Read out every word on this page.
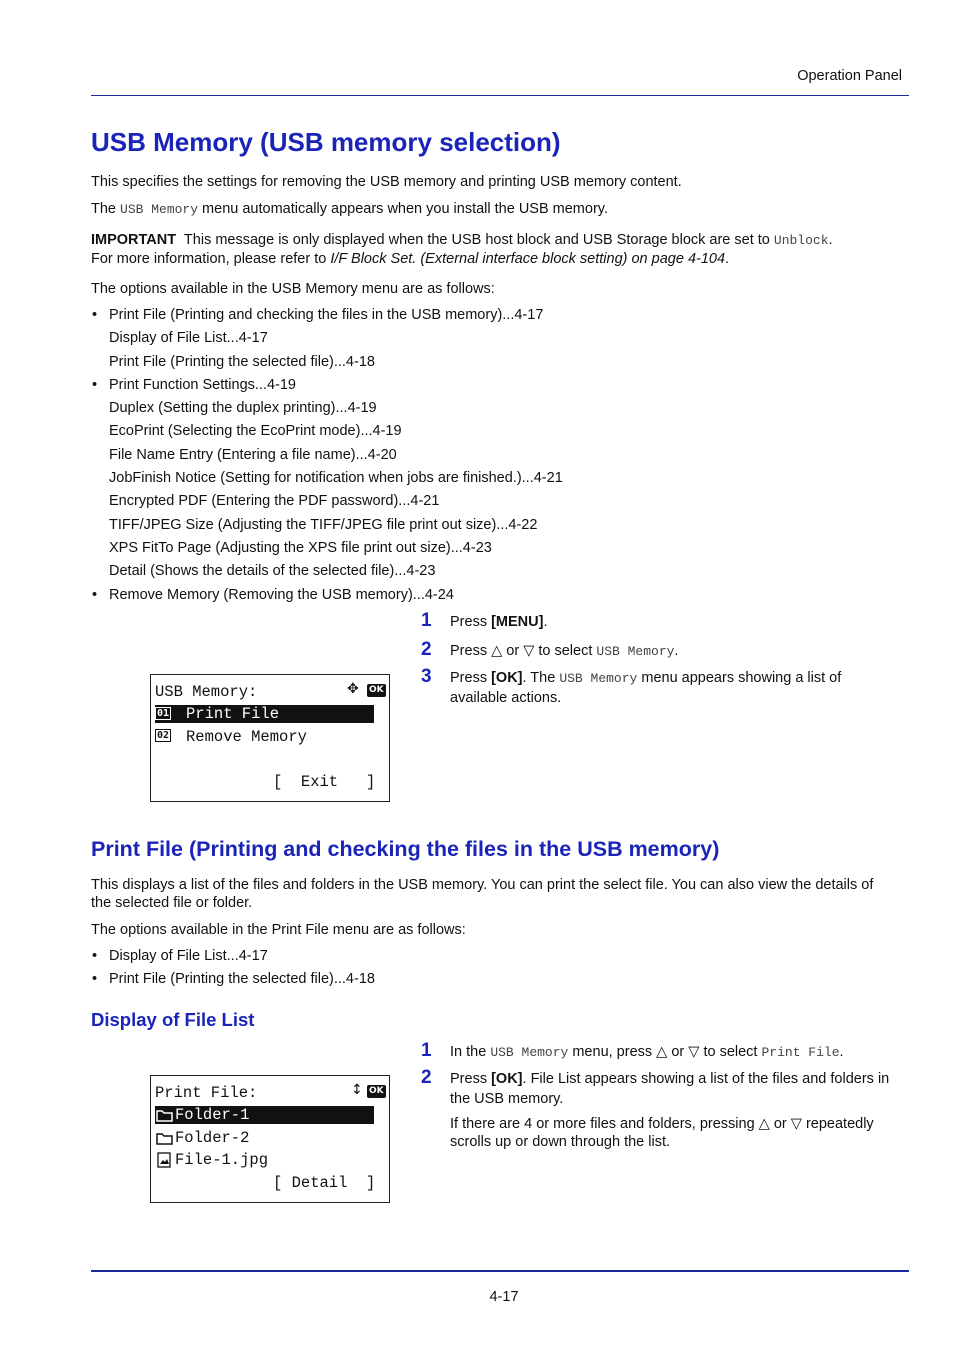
Operation Panel
USB Memory (USB memory selection)
This specifies the settings for removing the USB memory and printing USB memory content.
The USB Memory menu automatically appears when you install the USB memory.
IMPORTANT This message is only displayed when the USB host block and USB Storage block are set to Unblock.
For more information, please refer to I/F Block Set. (External interface block setting) on page 4-104.
The options available in the USB Memory menu are as follows:
• Print File (Printing and checking the files in the USB memory)...4-17
Display of File List...4-17
Print File (Printing the selected file)...4-18
• Print Function Settings...4-19
Duplex (Setting the duplex printing)...4-19
EcoPrint (Selecting the EcoPrint mode)...4-19
File Name Entry (Entering a file name)...4-20
JobFinish Notice (Setting for notification when jobs are finished.)...4-21
Encrypted PDF (Entering the PDF password)...4-21
TIFF/JPEG Size (Adjusting the TIFF/JPEG file print out size)...4-22
XPS FitTo Page (Adjusting the XPS file print out size)...4-23
Detail (Shows the details of the selected file)...4-23
• Remove Memory (Removing the USB memory)...4-24
1 Press [MENU].
2 Press △ or ▽ to select USB Memory.
3 Press [OK]. The USB Memory menu appears showing a list of
available actions.
USB Memory:	✥ OK
01 Print File
02 Remove Memory
[  Exit   ]
Print File (Printing and checking the files in the USB memory)
This displays a list of the files and folders in the USB memory. You can print the select file. You can also view the details of
the selected file or folder.
The options available in the Print File menu are as follows:
• Display of File List...4-17
• Print File (Printing the selected file)...4-18
Display of File List
1 In the USB Memory menu, press △ or ▽ to select Print File.
2 Press [OK]. File List appears showing a list of the files and folders in
the USB memory.
If there are 4 or more files and folders, pressing △ or ▽ repeatedly
scrolls up or down through the list.
Print File:	↕ OK
Folder-1
Folder-2
File-1.jpg
[ Detail  ]
4-17
